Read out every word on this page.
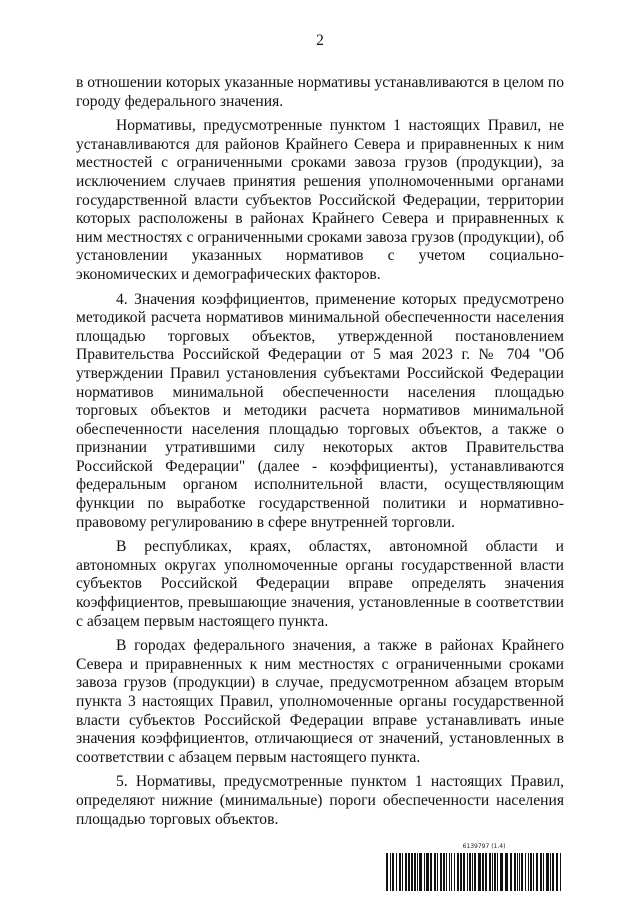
2

в отношении которых указанные нормативы устанавливаются в целом по городу федерального значения.

Нормативы, предусмотренные пунктом 1 настоящих Правил, не устанавливаются для районов Крайнего Севера и приравненных к ним местностей с ограниченными сроками завоза грузов (продукции), за исключением случаев принятия решения уполномоченными органами государственной власти субъектов Российской Федерации, территории которых расположены в районах Крайнего Севера и приравненных к ним местностях с ограниченными сроками завоза грузов (продукции), об установлении указанных нормативов с учетом социально-экономических и демографических факторов.

4. Значения коэффициентов, применение которых предусмотрено методикой расчета нормативов минимальной обеспеченности населения площадью торговых объектов, утвержденной постановлением Правительства Российской Федерации от 5 мая 2023 г. № 704 "Об утверждении Правил установления субъектами Российской Федерации нормативов минимальной обеспеченности населения площадью торговых объектов и методики расчета нормативов минимальной обеспеченности населения площадью торговых объектов, а также о признании утратившими силу некоторых актов Правительства Российской Федерации" (далее - коэффициенты), устанавливаются федеральным органом исполнительной власти, осуществляющим функции по выработке государственной политики и нормативно-правовому регулированию в сфере внутренней торговли.

В республиках, краях, областях, автономной области и автономных округах уполномоченные органы государственной власти субъектов Российской Федерации вправе определять значения коэффициентов, превышающие значения, установленные в соответствии с абзацем первым настоящего пункта.

В городах федерального значения, а также в районах Крайнего Севера и приравненных к ним местностях с ограниченными сроками завоза грузов (продукции) в случае, предусмотренном абзацем вторым пункта 3 настоящих Правил, уполномоченные органы государственной власти субъектов Российской Федерации вправе устанавливать иные значения коэффициентов, отличающиеся от значений, установленных в соответствии с абзацем первым настоящего пункта.

5. Нормативы, предусмотренные пунктом 1 настоящих Правил, определяют нижние (минимальные) пороги обеспеченности населения площадью торговых объектов.

6139797 (1.4)
